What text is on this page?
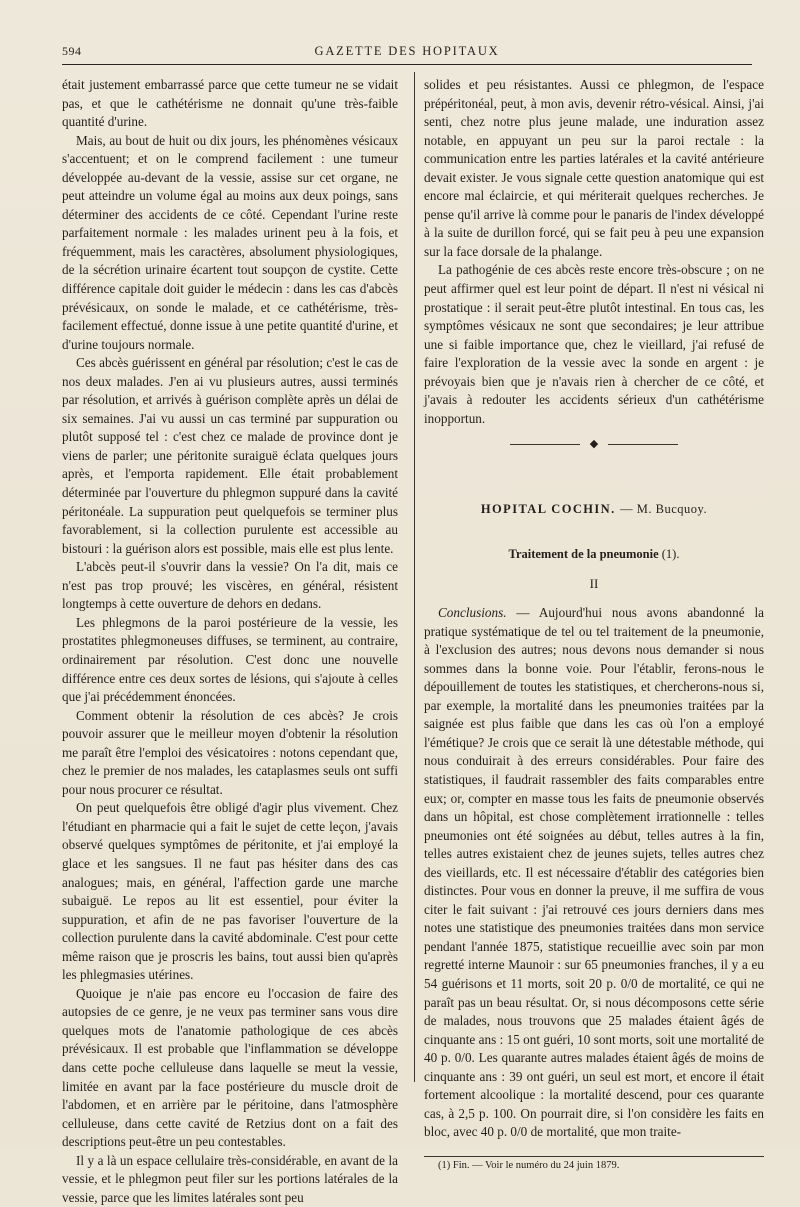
594	GAZETTE DES HOPITAUX

était justement embarrassé parce que cette tumeur ne se vidait pas, et que le cathétérisme ne donnait qu'une très-faible quantité d'urine.

Mais, au bout de huit ou dix jours, les phénomènes vésicaux s'accentuent; et on le comprend facilement : une tumeur développée au-devant de la vessie, assise sur cet organe, ne peut atteindre un volume égal au moins aux deux poings, sans déterminer des accidents de ce côté. Cependant l'urine reste parfaitement normale : les malades urinent peu à la fois, et fréquemment, mais les caractères, absolument physiologiques, de la sécrétion urinaire écartent tout soupçon de cystite. Cette différence capitale doit guider le médecin : dans les cas d'abcès prévésicaux, on sonde le malade, et ce cathétérisme, très-facilement effectué, donne issue à une petite quantité d'urine, et d'urine toujours normale.

Ces abcès guérissent en général par résolution; c'est le cas de nos deux malades. J'en ai vu plusieurs autres, aussi terminés par résolution, et arrivés à guérison complète après un délai de six semaines. J'ai vu aussi un cas terminé par suppuration ou plutôt supposé tel : c'est chez ce malade de province dont je viens de parler; une péritonite suraiguë éclata quelques jours après, et l'emporta rapidement. Elle était probablement déterminée par l'ouverture du phlegmon suppuré dans la cavité péritonéale. La suppuration peut quelquefois se terminer plus favorablement, si la collection purulente est accessible au bistouri : la guérison alors est possible, mais elle est plus lente.

L'abcès peut-il s'ouvrir dans la vessie? On l'a dit, mais ce n'est pas trop prouvé; les viscères, en général, résistent longtemps à cette ouverture de dehors en dedans.

Les phlegmons de la paroi postérieure de la vessie, les prostatites phlegmoneuses diffuses, se terminent, au contraire, ordinairement par résolution. C'est donc une nouvelle différence entre ces deux sortes de lésions, qui s'ajoute à celles que j'ai précédemment énoncées.

Comment obtenir la résolution de ces abcès? Je crois pouvoir assurer que le meilleur moyen d'obtenir la résolution me paraît être l'emploi des vésicatoires : notons cependant que, chez le premier de nos malades, les cataplasmes seuls ont suffi pour nous procurer ce résultat.

On peut quelquefois être obligé d'agir plus vivement. Chez l'étudiant en pharmacie qui a fait le sujet de cette leçon, j'avais observé quelques symptômes de péritonite, et j'ai employé la glace et les sangsues. Il ne faut pas hésiter dans des cas analogues; mais, en général, l'affection garde une marche subaiguë. Le repos au lit est essentiel, pour éviter la suppuration, et afin de ne pas favoriser l'ouverture de la collection purulente dans la cavité abdominale. C'est pour cette même raison que je proscris les bains, tout aussi bien qu'après les phlegmasies utérines.

Quoique je n'aie pas encore eu l'occasion de faire des autopsies de ce genre, je ne veux pas terminer sans vous dire quelques mots de l'anatomie pathologique de ces abcès prévésicaux. Il est probable que l'inflammation se développe dans cette poche celluleuse dans laquelle se meut la vessie, limitée en avant par la face postérieure du muscle droit de l'abdomen, et en arrière par le péritoine, dans l'atmosphère celluleuse, dans cette cavité de Retzius dont on a fait des descriptions peut-être un peu contestables.

Il y a là un espace cellulaire très-considérable, en avant de la vessie, et le phlegmon peut filer sur les portions latérales de la vessie, parce que les limites latérales sont peu

solides et peu résistantes. Aussi ce phlegmon, de l'espace prépéritonéal, peut, à mon avis, devenir rétro-vésical. Ainsi, j'ai senti, chez notre plus jeune malade, une induration assez notable, en appuyant un peu sur la paroi rectale : la communication entre les parties latérales et la cavité antérieure devait exister. Je vous signale cette question anatomique qui est encore mal éclaircie, et qui mériterait quelques recherches. Je pense qu'il arrive là comme pour le panaris de l'index développé à la suite de durillon forcé, qui se fait peu à peu une expansion sur la face dorsale de la phalange.

La pathogénie de ces abcès reste encore très-obscure ; on ne peut affirmer quel est leur point de départ. Il n'est ni vésical ni prostatique : il serait peut-être plutôt intestinal. En tous cas, les symptômes vésicaux ne sont que secondaires; je leur attribue une si faible importance que, chez le vieillard, j'ai refusé de faire l'exploration de la vessie avec la sonde en argent : je prévoyais bien que je n'avais rien à chercher de ce côté, et j'avais à redouter les accidents sérieux d'un cathétérisme inopportun.

◆
HOPITAL COCHIN. — M. Bucquoy.
Traitement de la pneumonie (1).
II

Conclusions. — Aujourd'hui nous avons abandonné la pratique systématique de tel ou tel traitement de la pneumonie, à l'exclusion des autres; nous devons nous demander si nous sommes dans la bonne voie. Pour l'établir, ferons-nous le dépouillement de toutes les statistiques, et chercherons-nous si, par exemple, la mortalité dans les pneumonies traitées par la saignée est plus faible que dans les cas où l'on a employé l'émétique? Je crois que ce serait là une détestable méthode, qui nous conduirait à des erreurs considérables. Pour faire des statistiques, il faudrait rassembler des faits comparables entre eux; or, compter en masse tous les faits de pneumonie observés dans un hôpital, est chose complètement irrationnelle : telles pneumonies ont été soignées au début, telles autres à la fin, telles autres existaient chez de jeunes sujets, telles autres chez des vieillards, etc. Il est nécessaire d'établir des catégories bien distinctes. Pour vous en donner la preuve, il me suffira de vous citer le fait suivant : j'ai retrouvé ces jours derniers dans mes notes une statistique des pneumonies traitées dans mon service pendant l'année 1875, statistique recueillie avec soin par mon regretté interne Maunoir : sur 65 pneumonies franches, il y a eu 54 guérisons et 11 morts, soit 20 p. 0/0 de mortalité, ce qui ne paraît pas un beau résultat. Or, si nous décomposons cette série de malades, nous trouvons que 25 malades étaient âgés de cinquante ans : 15 ont guéri, 10 sont morts, soit une mortalité de 40 p. 0/0. Les quarante autres malades étaient âgés de moins de cinquante ans : 39 ont guéri, un seul est mort, et encore il était fortement alcoolique : la mortalité descend, pour ces quarante cas, à 2,5 p. 100. On pourrait dire, si l'on considère les faits en bloc, avec 40 p. 0/0 de mortalité, que mon traite-

(1) Fin. — Voir le numéro du 24 juin 1879.
